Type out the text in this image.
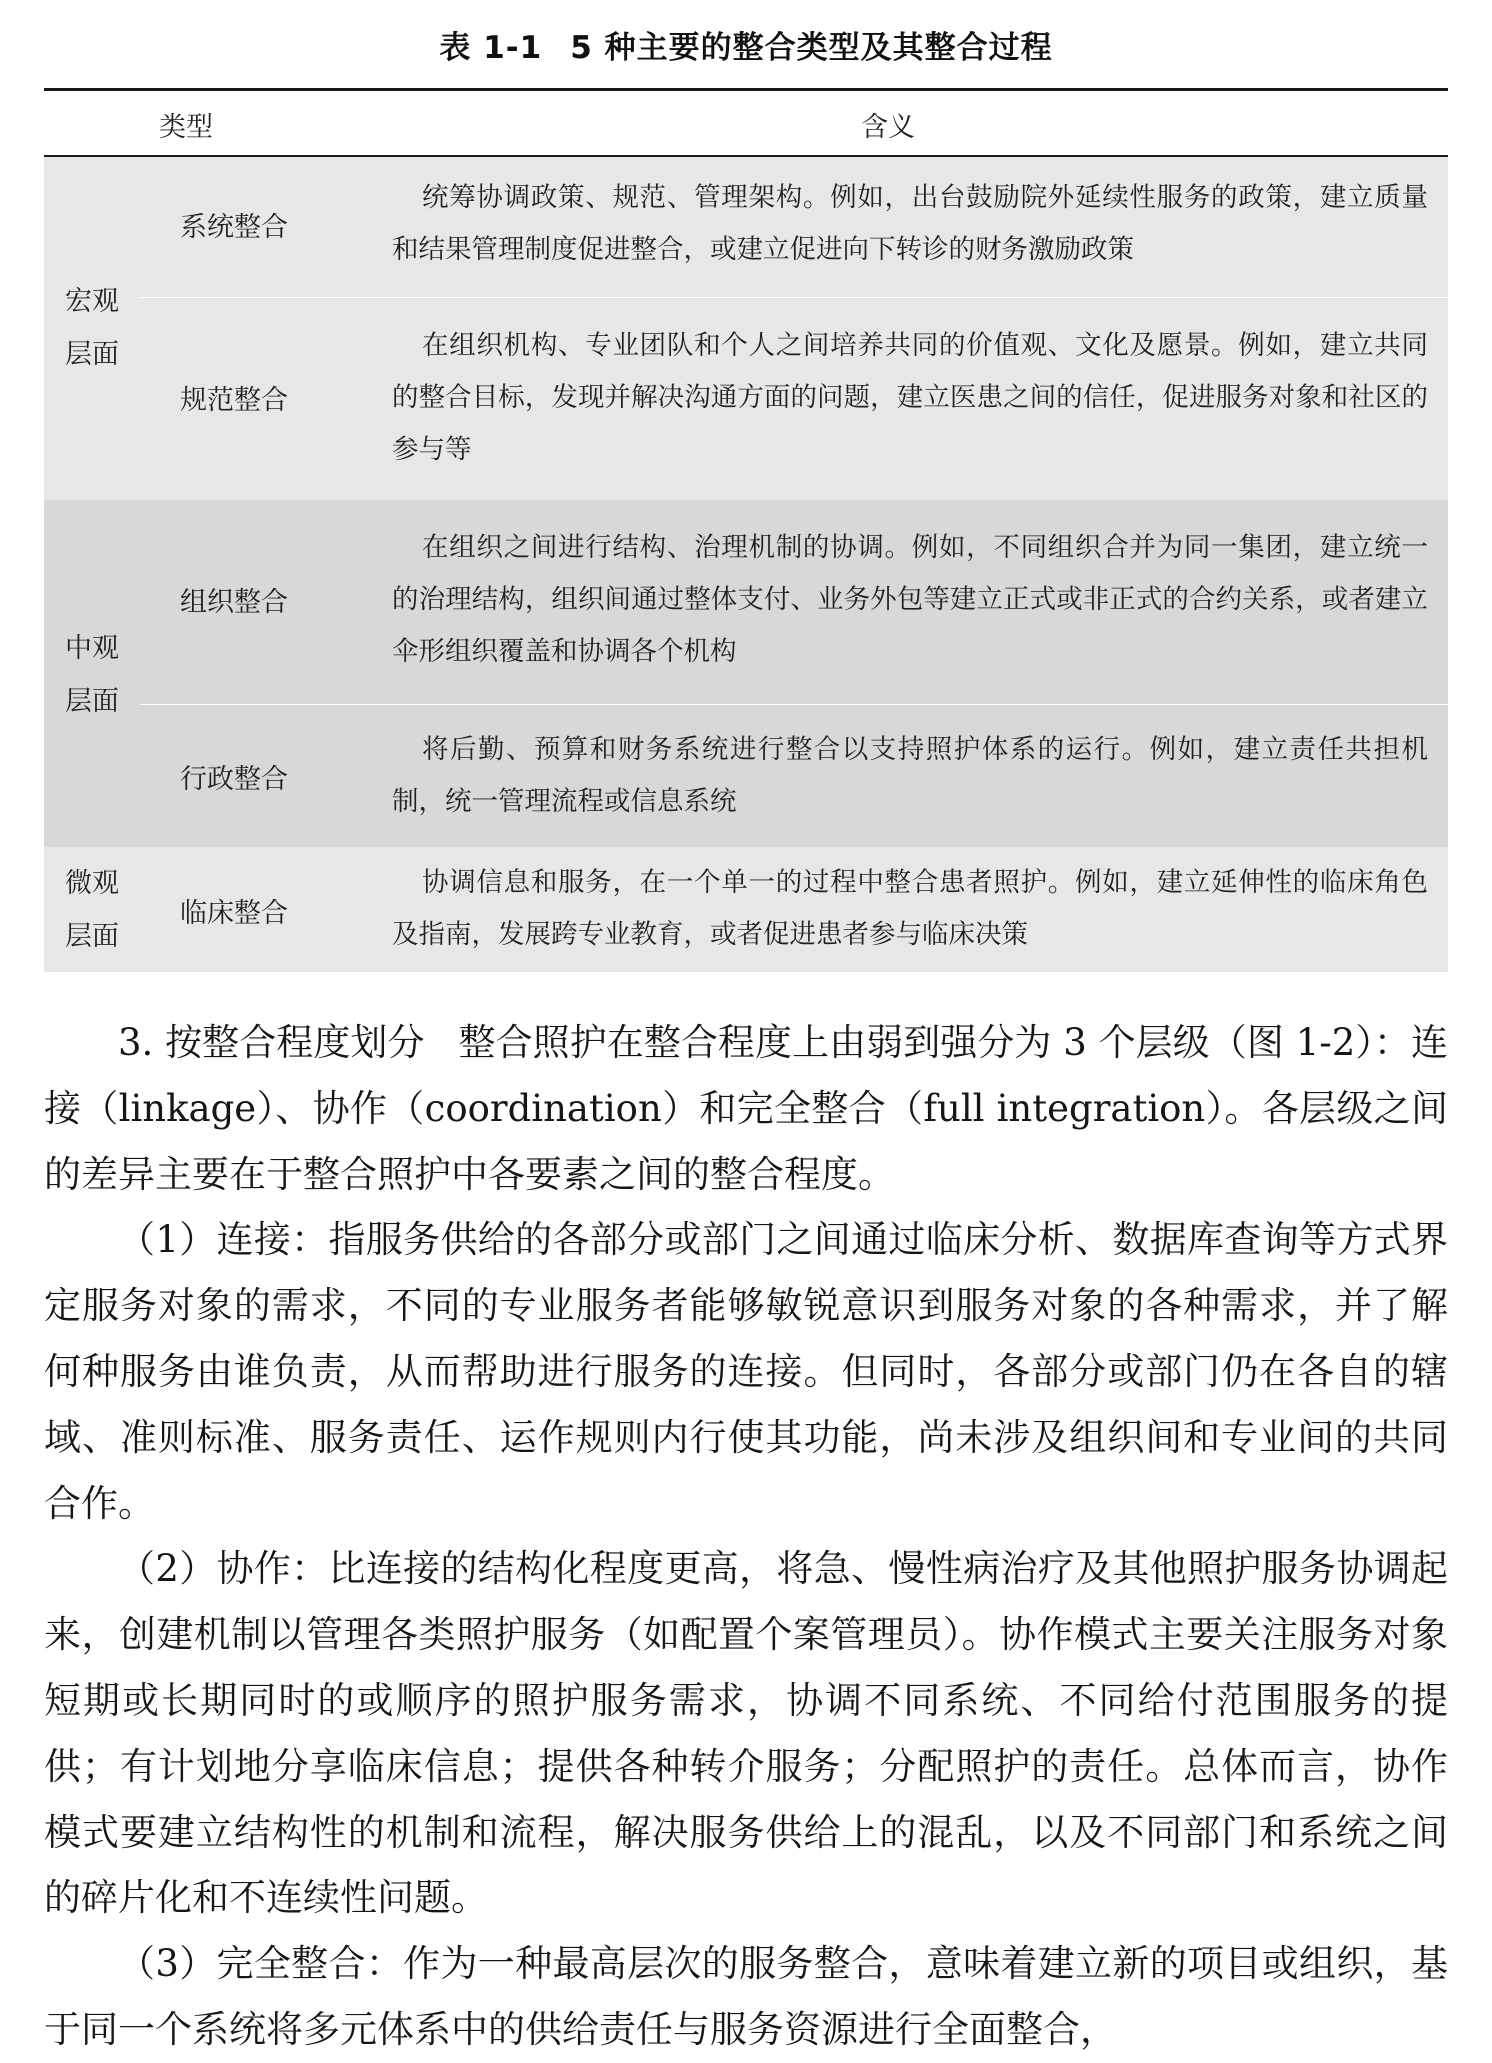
表 1-1 5 种主要的整合类型及其整合过程
类型	含义
宏观
层面
系统整合
统筹协调政策、规范、管理架构。例如，出台鼓励院外延续性服务的政策，建立质量和结果管理制度促进整合，或建立促进向下转诊的财务激励政策
规范整合
在组织机构、专业团队和个人之间培养共同的价值观、文化及愿景。例如，建立共同的整合目标，发现并解决沟通方面的问题，建立医患之间的信任，促进服务对象和社区的参与等
中观
层面
组织整合
在组织之间进行结构、治理机制的协调。例如，不同组织合并为同一集团，建立统一的治理结构，组织间通过整体支付、业务外包等建立正式或非正式的合约关系，或者建立伞形组织覆盖和协调各个机构
行政整合
将后勤、预算和财务系统进行整合以支持照护体系的运行。例如，建立责任共担机制，统一管理流程或信息系统
微观
层面
临床整合
协调信息和服务，在一个单一的过程中整合患者照护。例如，建立延伸性的临床角色及指南，发展跨专业教育，或者促进患者参与临床决策

3. 按整合程度划分 整合照护在整合程度上由弱到强分为 3 个层级（图 1-2）：连接（linkage）、协作（coordination）和完全整合（full integration）。各层级之间的差异主要在于整合照护中各要素之间的整合程度。

（1）连接：指服务供给的各部分或部门之间通过临床分析、数据库查询等方式界定服务对象的需求，不同的专业服务者能够敏锐意识到服务对象的各种需求，并了解何种服务由谁负责，从而帮助进行服务的连接。但同时，各部分或部门仍在各自的辖域、准则标准、服务责任、运作规则内行使其功能，尚未涉及组织间和专业间的共同合作。

（2）协作：比连接的结构化程度更高，将急、慢性病治疗及其他照护服务协调起来，创建机制以管理各类照护服务（如配置个案管理员）。协作模式主要关注服务对象短期或长期同时的或顺序的照护服务需求，协调不同系统、不同给付范围服务的提供；有计划地分享临床信息；提供各种转介服务；分配照护的责任。总体而言，协作模式要建立结构性的机制和流程，解决服务供给上的混乱，以及不同部门和系统之间的碎片化和不连续性问题。

（3）完全整合：作为一种最高层次的服务整合，意味着建立新的项目或组织，基于同一个系统将多元体系中的供给责任与服务资源进行全面整合，
